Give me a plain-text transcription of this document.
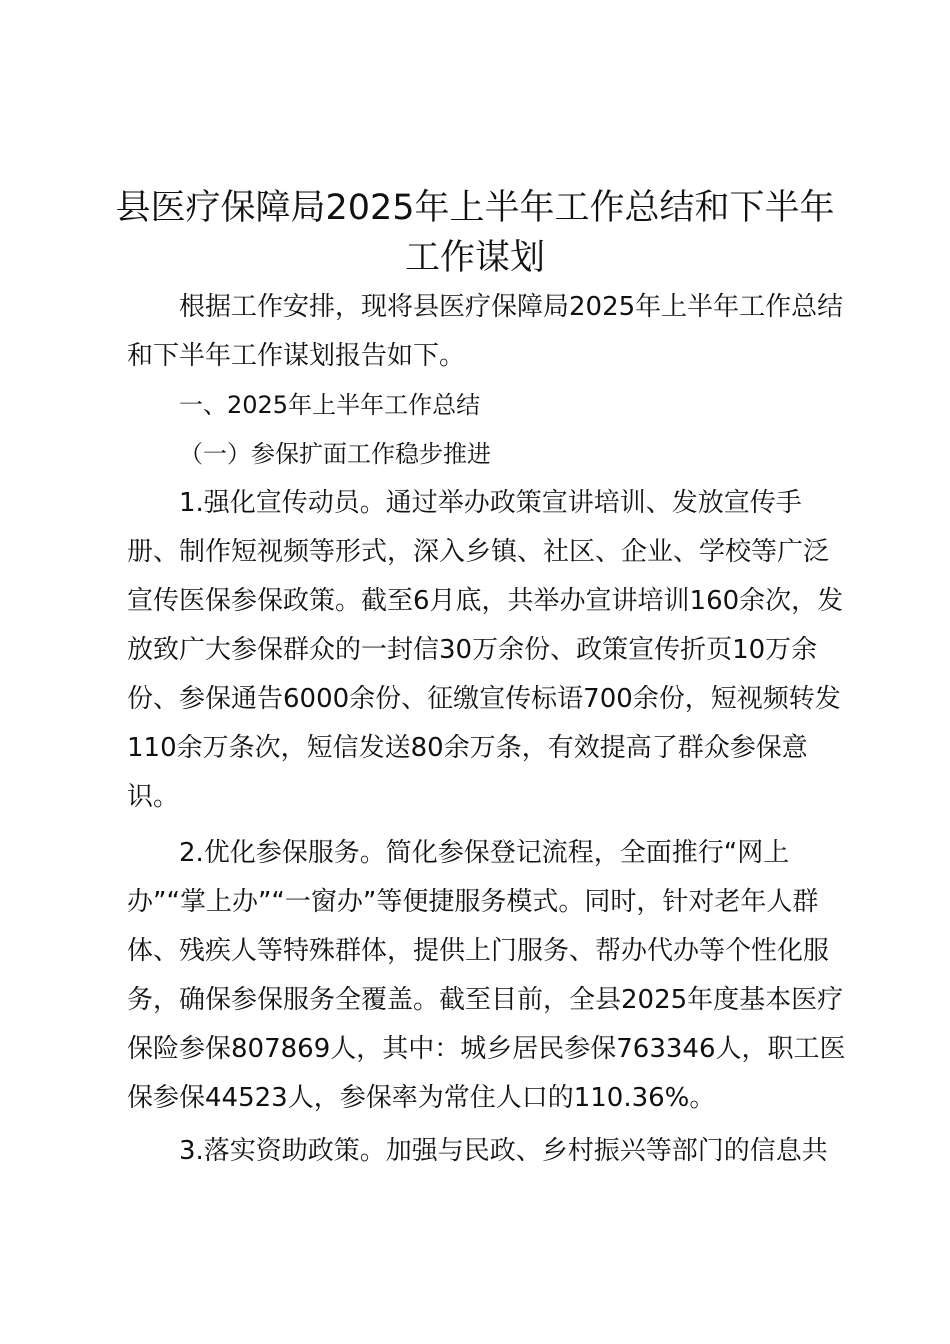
县医疗保障局2025年上半年工作总结和下半年工作谋划

根据工作安排，现将县医疗保障局2025年上半年工作总结和下半年工作谋划报告如下。

一、2025年上半年工作总结
（一）参保扩面工作稳步推进

1.强化宣传动员。通过举办政策宣讲培训、发放宣传手册、制作短视频等形式，深入乡镇、社区、企业、学校等广泛宣传医保参保政策。截至6月底，共举办宣讲培训160余次，发放致广大参保群众的一封信30万余份、政策宣传折页10万余份、参保通告6000余份、征缴宣传标语700余份，短视频转发110余万条次，短信发送80余万条，有效提高了群众参保意识。

2.优化参保服务。简化参保登记流程，全面推行“网上办”“掌上办”“一窗办”等便捷服务模式。同时，针对老年人群体、残疾人等特殊群体，提供上门服务、帮办代办等个性化服务，确保参保服务全覆盖。截至目前，全县2025年度基本医疗保险参保807869人，其中：城乡居民参保763346人，职工医保参保44523人，参保率为常住人口的110.36%。

3.落实资助政策。加强与民政、乡村振兴等部门的信息共
